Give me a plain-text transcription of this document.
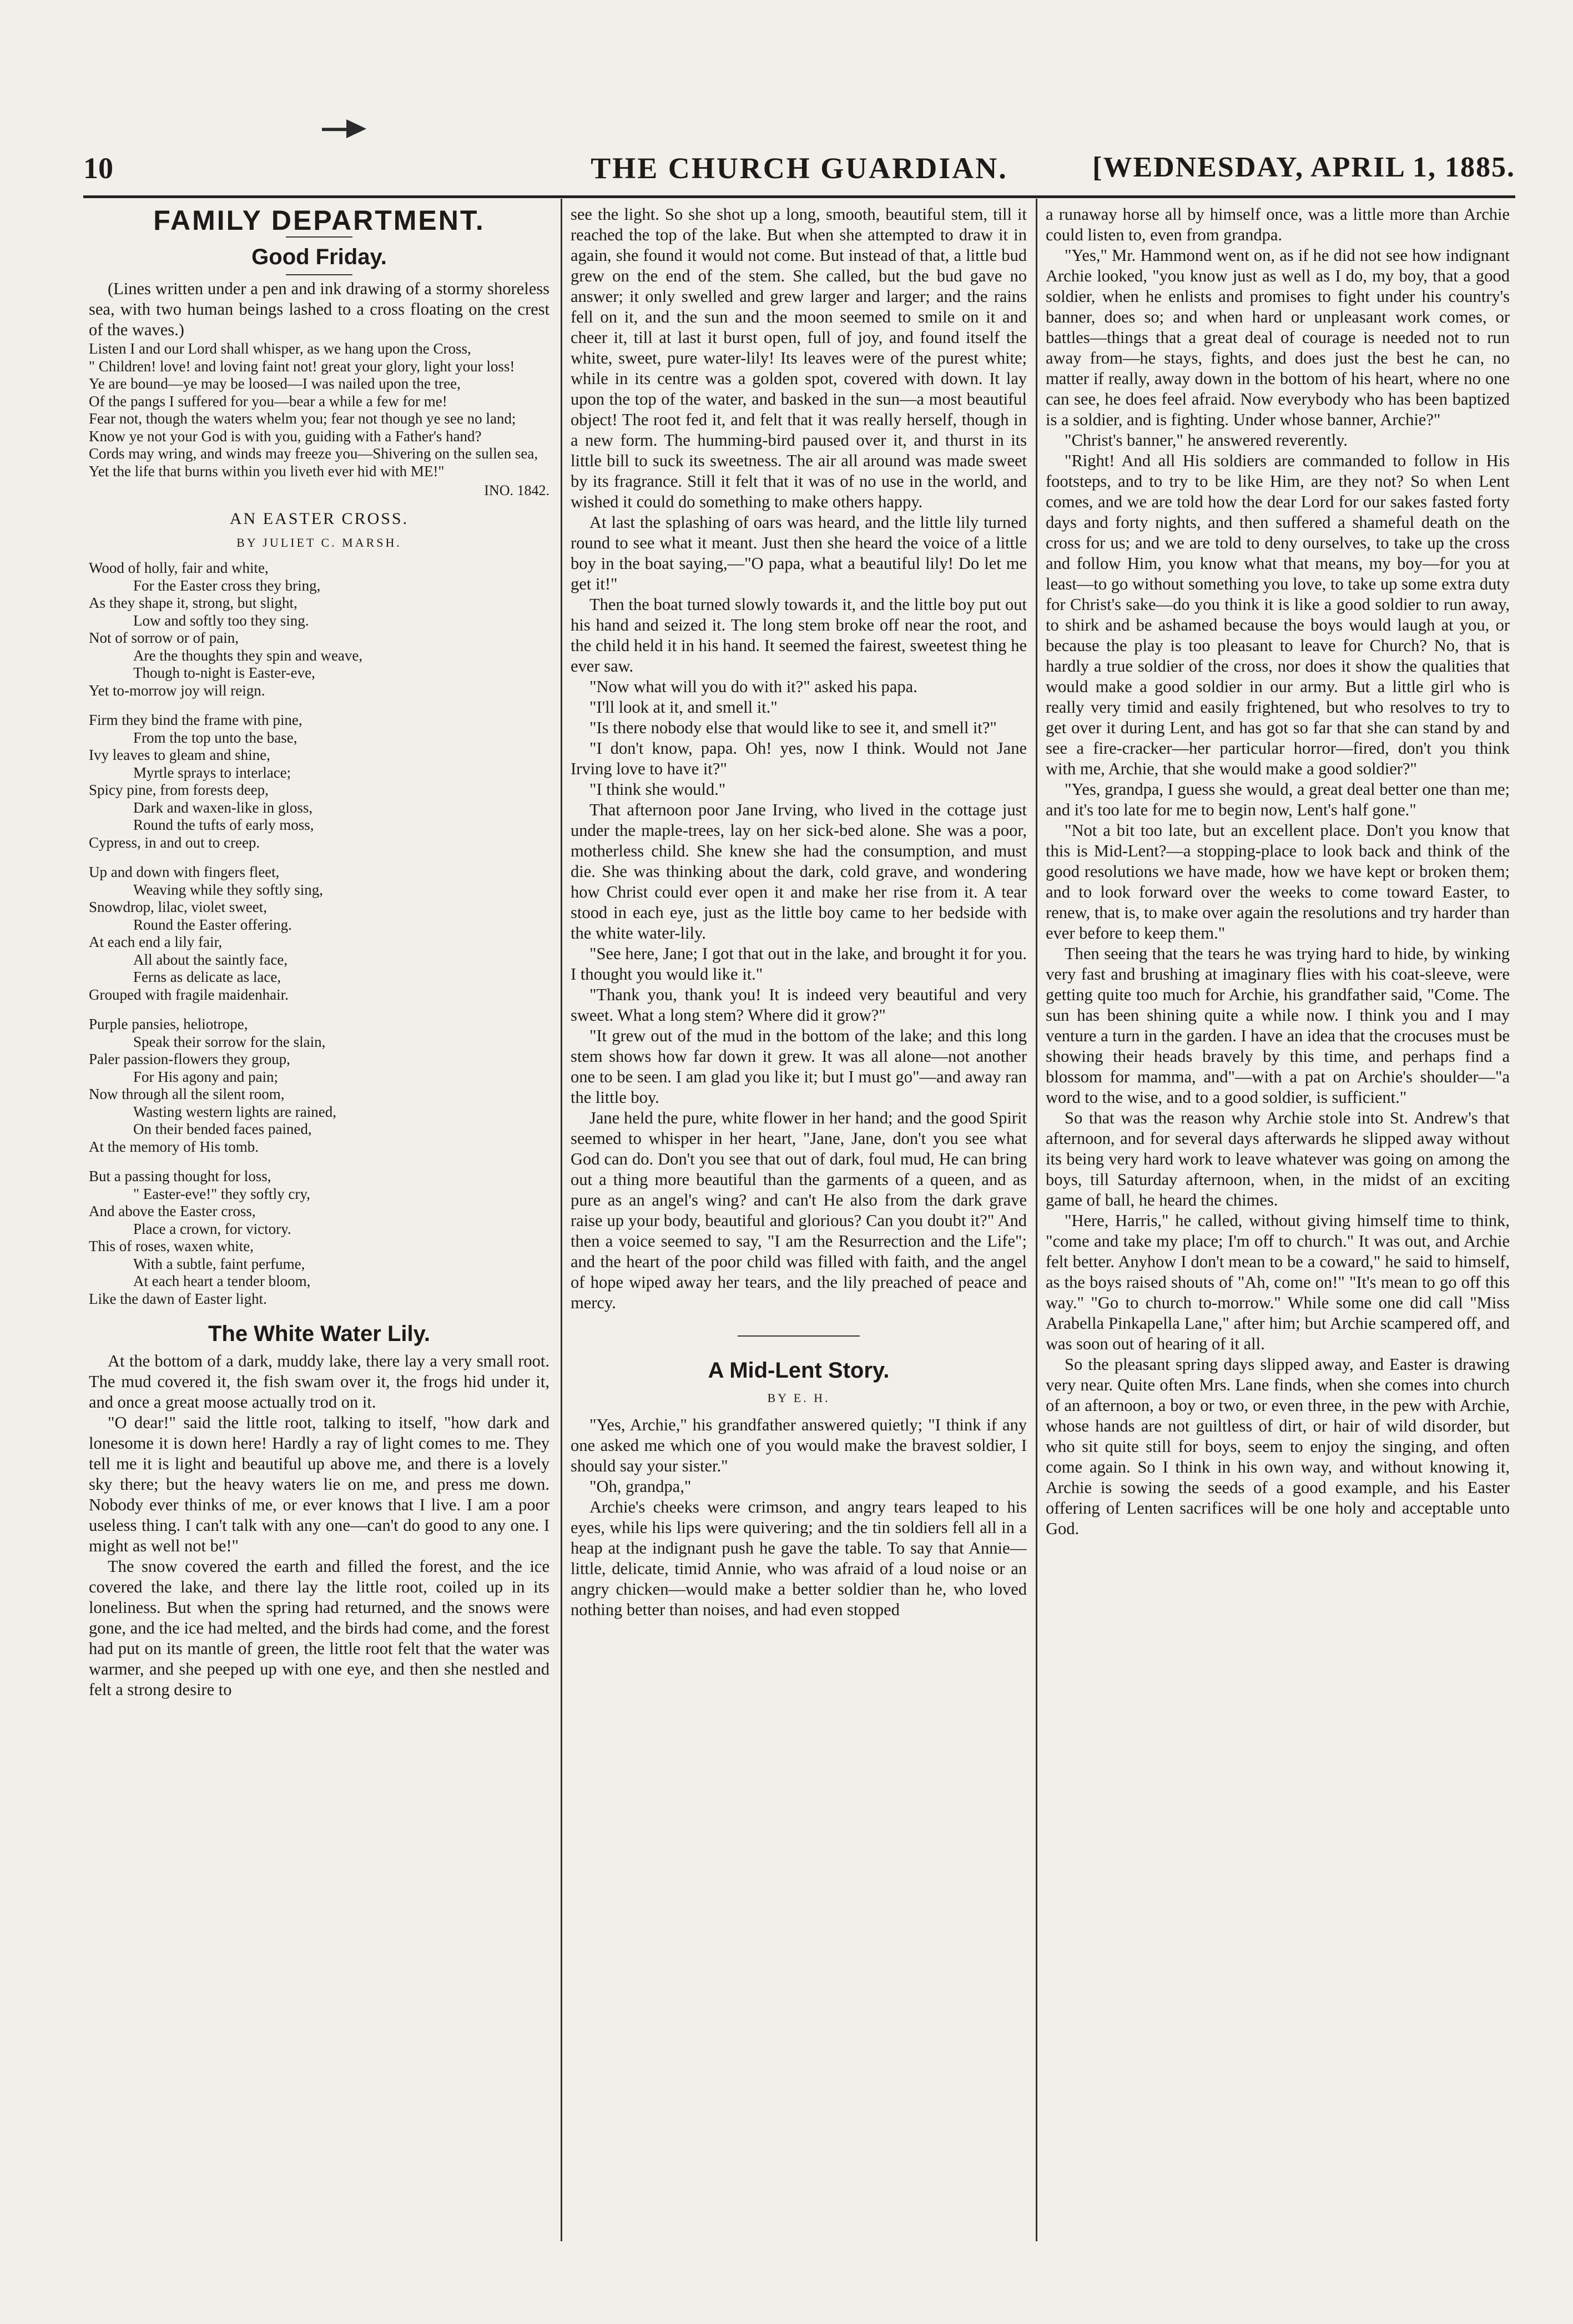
10	THE CHURCH GUARDIAN.	[WEDNESDAY, APRIL 1, 1885.
FAMILY DEPARTMENT.
Good Friday.

(Lines written under a pen and ink drawing of a stormy shoreless sea, with two human beings lashed to a cross floating on the crest of the waves.)

Listen I and our Lord shall whisper, as we hang upon the Cross,
" Children! love! and loving faint not! great your glory, light your loss!
Ye are bound—ye may be loosed—I was nailed upon the tree,
Of the pangs I suffered for you—bear a while a few for me!
Fear not, though the waters whelm you; fear not though ye see no land;
Know ye not your God is with you, guiding with a Father's hand?
Cords may wring, and winds may freeze you—Shivering on the sullen sea,
Yet the life that burns within you liveth ever hid with ME!"
INO. 1842.
AN EASTER CROSS.
BY JULIET C. MARSH.
Wood of holly, fair and white,
For the Easter cross they bring,
As they shape it, strong, but slight,
Low and softly too they sing.
Not of sorrow or of pain,
Are the thoughts they spin and weave,
Though to-night is Easter-eve,
Yet to-morrow joy will reign.
Firm they bind the frame with pine,
From the top unto the base,
Ivy leaves to gleam and shine,
Myrtle sprays to interlace;
Spicy pine, from forests deep,
Dark and waxen-like in gloss,
Round the tufts of early moss,
Cypress, in and out to creep.
Up and down with fingers fleet,
Weaving while they softly sing,
Snowdrop, lilac, violet sweet,
Round the Easter offering.
At each end a lily fair,
All about the saintly face,
Ferns as delicate as lace,
Grouped with fragile maidenhair.
Purple pansies, heliotrope,
Speak their sorrow for the slain,
Paler passion-flowers they group,
For His agony and pain;
Now through all the silent room,
Wasting western lights are rained,
On their bended faces pained,
At the memory of His tomb.
But a passing thought for loss,
" Easter-eve!" they softly cry,
And above the Easter cross,
Place a crown, for victory.
This of roses, waxen white,
With a subtle, faint perfume,
At each heart a tender bloom,
Like the dawn of Easter light.
The White Water Lily.

At the bottom of a dark, muddy lake, there lay a very small root. The mud covered it, the fish swam over it, the frogs hid under it, and once a great moose actually trod on it.

"O dear!" said the little root, talking to itself, "how dark and lonesome it is down here! Hardly a ray of light comes to me. They tell me it is light and beautiful up above me, and there is a lovely sky there; but the heavy waters lie on me, and press me down. Nobody ever thinks of me, or ever knows that I live. I am a poor useless thing. I can't talk with any one—can't do good to any one. I might as well not be!"

The snow covered the earth and filled the forest, and the ice covered the lake, and there lay the little root, coiled up in its loneliness. But when the spring had returned, and the snows were gone, and the ice had melted, and the birds had come, and the forest had put on its mantle of green, the little root felt that the water was warmer, and she peeped up with one eye, and then she nestled and felt a strong desire to

see the light. So she shot up a long, smooth, beautiful stem, till it reached the top of the lake. But when she attempted to draw it in again, she found it would not come. But instead of that, a little bud grew on the end of the stem. She called, but the bud gave no answer; it only swelled and grew larger and larger; and the rains fell on it, and the sun and the moon seemed to smile on it and cheer it, till at last it burst open, full of joy, and found itself the white, sweet, pure water-lily! Its leaves were of the purest white; while in its centre was a golden spot, covered with down. It lay upon the top of the water, and basked in the sun—a most beautiful object! The root fed it, and felt that it was really herself, though in a new form. The humming-bird paused over it, and thurst in its little bill to suck its sweetness. The air all around was made sweet by its fragrance. Still it felt that it was of no use in the world, and wished it could do something to make others happy.

At last the splashing of oars was heard, and the little lily turned round to see what it meant. Just then she heard the voice of a little boy in the boat saying,—"O papa, what a beautiful lily! Do let me get it!"

Then the boat turned slowly towards it, and the little boy put out his hand and seized it. The long stem broke off near the root, and the child held it in his hand. It seemed the fairest, sweetest thing he ever saw.

"Now what will you do with it?" asked his papa.

"I'll look at it, and smell it."

"Is there nobody else that would like to see it, and smell it?"

"I don't know, papa. Oh! yes, now I think. Would not Jane Irving love to have it?"

"I think she would."

That afternoon poor Jane Irving, who lived in the cottage just under the maple-trees, lay on her sick-bed alone. She was a poor, motherless child. She knew she had the consumption, and must die. She was thinking about the dark, cold grave, and wondering how Christ could ever open it and make her rise from it. A tear stood in each eye, just as the little boy came to her bedside with the white water-lily.

"See here, Jane; I got that out in the lake, and brought it for you. I thought you would like it."

"Thank you, thank you! It is indeed very beautiful and very sweet. What a long stem? Where did it grow?"

"It grew out of the mud in the bottom of the lake; and this long stem shows how far down it grew. It was all alone—not another one to be seen. I am glad you like it; but I must go"—and away ran the little boy.

Jane held the pure, white flower in her hand; and the good Spirit seemed to whisper in her heart, "Jane, Jane, don't you see what God can do. Don't you see that out of dark, foul mud, He can bring out a thing more beautiful than the garments of a queen, and as pure as an angel's wing? and can't He also from the dark grave raise up your body, beautiful and glorious? Can you doubt it?" And then a voice seemed to say, "I am the Resurrection and the Life"; and the heart of the poor child was filled with faith, and the angel of hope wiped away her tears, and the lily preached of peace and mercy.

A Mid-Lent Story.
BY E. H.

"Yes, Archie," his grandfather answered quietly; "I think if any one asked me which one of you would make the bravest soldier, I should say your sister."

"Oh, grandpa,"

Archie's cheeks were crimson, and angry tears leaped to his eyes, while his lips were quivering; and the tin soldiers fell all in a heap at the indignant push he gave the table. To say that Annie—little, delicate, timid Annie, who was afraid of a loud noise or an angry chicken—would make a better soldier than he, who loved nothing better than noises, and had even stopped

a runaway horse all by himself once, was a little more than Archie could listen to, even from grandpa.

"Yes," Mr. Hammond went on, as if he did not see how indignant Archie looked, "you know just as well as I do, my boy, that a good soldier, when he enlists and promises to fight under his country's banner, does so; and when hard or unpleasant work comes, or battles—things that a great deal of courage is needed not to run away from—he stays, fights, and does just the best he can, no matter if really, away down in the bottom of his heart, where no one can see, he does feel afraid. Now everybody who has been baptized is a soldier, and is fighting. Under whose banner, Archie?"

"Christ's banner," he answered reverently.

"Right! And all His soldiers are commanded to follow in His footsteps, and to try to be like Him, are they not? So when Lent comes, and we are told how the dear Lord for our sakes fasted forty days and forty nights, and then suffered a shameful death on the cross for us; and we are told to deny ourselves, to take up the cross and follow Him, you know what that means, my boy—for you at least—to go without something you love, to take up some extra duty for Christ's sake—do you think it is like a good soldier to run away, to shirk and be ashamed because the boys would laugh at you, or because the play is too pleasant to leave for Church? No, that is hardly a true soldier of the cross, nor does it show the qualities that would make a good soldier in our army. But a little girl who is really very timid and easily frightened, but who resolves to try to get over it during Lent, and has got so far that she can stand by and see a fire-cracker—her particular horror—fired, don't you think with me, Archie, that she would make a good soldier?"

"Yes, grandpa, I guess she would, a great deal better one than me; and it's too late for me to begin now, Lent's half gone."

"Not a bit too late, but an excellent place. Don't you know that this is Mid-Lent?—a stopping-place to look back and think of the good resolutions we have made, how we have kept or broken them; and to look forward over the weeks to come toward Easter, to renew, that is, to make over again the resolutions and try harder than ever before to keep them."

Then seeing that the tears he was trying hard to hide, by winking very fast and brushing at imaginary flies with his coat-sleeve, were getting quite too much for Archie, his grandfather said, "Come. The sun has been shining quite a while now. I think you and I may venture a turn in the garden. I have an idea that the crocuses must be showing their heads bravely by this time, and perhaps find a blossom for mamma, and"—with a pat on Archie's shoulder—"a word to the wise, and to a good soldier, is sufficient."

So that was the reason why Archie stole into St. Andrew's that afternoon, and for several days afterwards he slipped away without its being very hard work to leave whatever was going on among the boys, till Saturday afternoon, when, in the midst of an exciting game of ball, he heard the chimes.

"Here, Harris," he called, without giving himself time to think, "come and take my place; I'm off to church." It was out, and Archie felt better. Anyhow I don't mean to be a coward," he said to himself, as the boys raised shouts of "Ah, come on!" "It's mean to go off this way." "Go to church to-morrow." While some one did call "Miss Arabella Pinkapella Lane," after him; but Archie scampered off, and was soon out of hearing of it all.

So the pleasant spring days slipped away, and Easter is drawing very near. Quite often Mrs. Lane finds, when she comes into church of an afternoon, a boy or two, or even three, in the pew with Archie, whose hands are not guiltless of dirt, or hair of wild disorder, but who sit quite still for boys, seem to enjoy the singing, and often come again. So I think in his own way, and without knowing it, Archie is sowing the seeds of a good example, and his Easter offering of Lenten sacrifices will be one holy and acceptable unto God.
